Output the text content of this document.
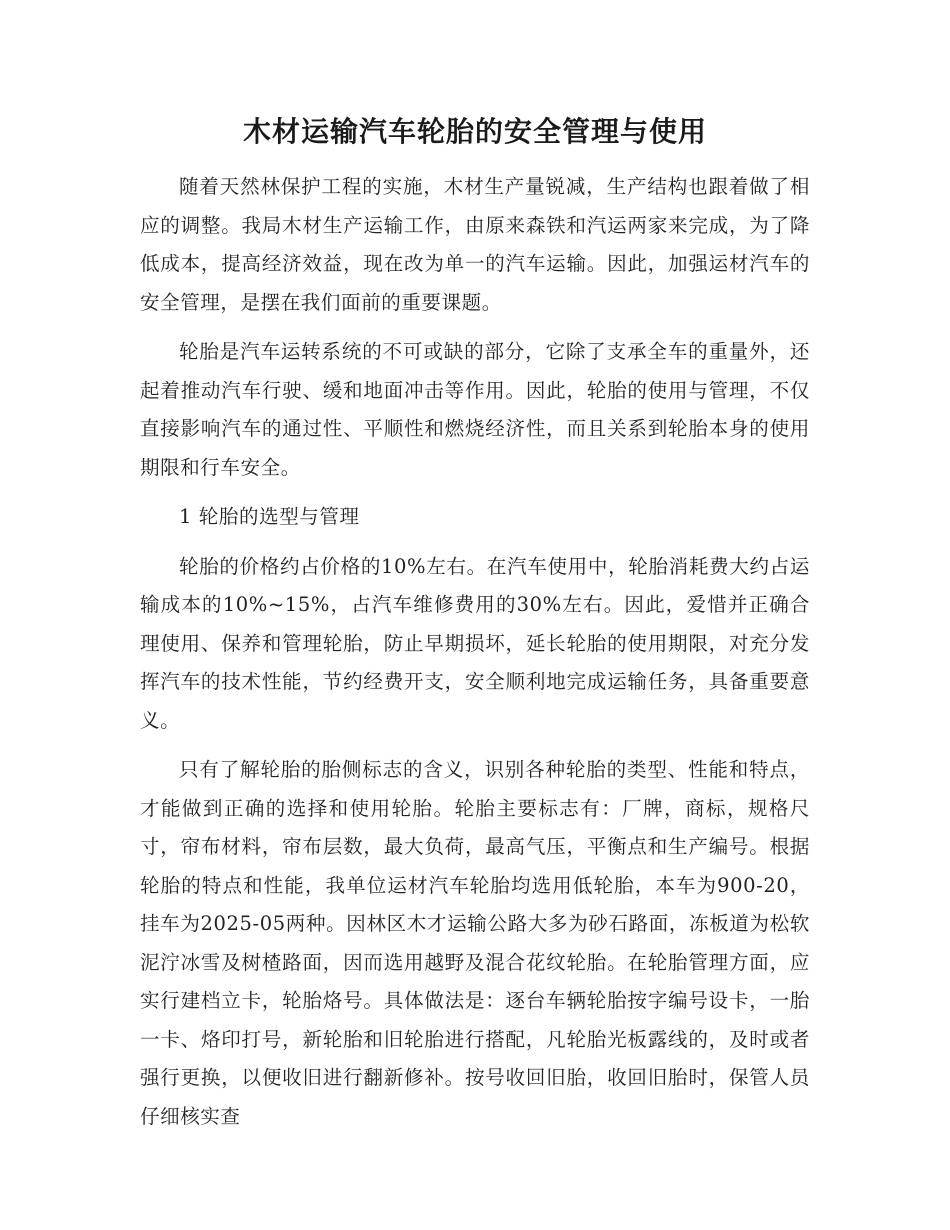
木材运输汽车轮胎的安全管理与使用

随着天然林保护工程的实施，木材生产量锐减，生产结构也跟着做了相应的调整。我局木材生产运输工作，由原来森铁和汽运两家来完成，为了降低成本，提高经济效益，现在改为单一的汽车运输。因此，加强运材汽车的安全管理，是摆在我们面前的重要课题。

轮胎是汽车运转系统的不可或缺的部分，它除了支承全车的重量外，还起着推动汽车行驶、缓和地面冲击等作用。因此，轮胎的使用与管理，不仅直接影响汽车的通过性、平顺性和燃烧经济性，而且关系到轮胎本身的使用期限和行车安全。

1 轮胎的选型与管理

轮胎的价格约占价格的10%左右。在汽车使用中，轮胎消耗费大约占运输成本的10%~15%，占汽车维修费用的30%左右。因此，爱惜并正确合理使用、保养和管理轮胎，防止早期损坏，延长轮胎的使用期限，对充分发挥汽车的技术性能，节约经费开支，安全顺利地完成运输任务，具备重要意义。

只有了解轮胎的胎侧标志的含义，识别各种轮胎的类型、性能和特点，才能做到正确的选择和使用轮胎。轮胎主要标志有：厂牌，商标，规格尺寸，帘布材料，帘布层数，最大负荷，最高气压，平衡点和生产编号。根据轮胎的特点和性能，我单位运材汽车轮胎均选用低轮胎，本车为900-20，挂车为2025-05两种。因林区木才运输公路大多为砂石路面，冻板道为松软泥泞冰雪及树楂路面，因而选用越野及混合花纹轮胎。在轮胎管理方面，应实行建档立卡，轮胎烙号。具体做法是：逐台车辆轮胎按字编号设卡，一胎一卡、烙印打号，新轮胎和旧轮胎进行搭配，凡轮胎光板露线的，及时或者强行更换，以便收旧进行翻新修补。按号收回旧胎，收回旧胎时，保管人员仔细核实查
